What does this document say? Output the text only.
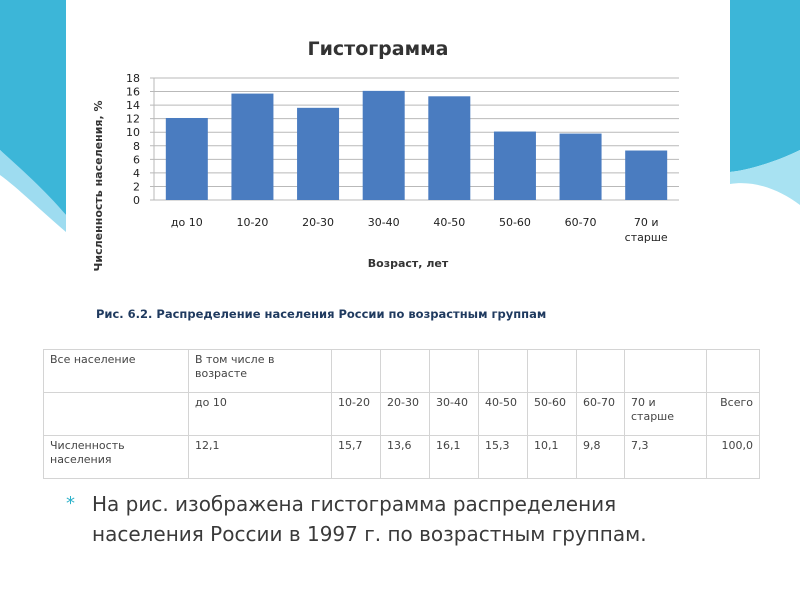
Гистограмма
0
2
4
6
8
10
12
14
16
18
до 10	10-20	20-30	30-40	40-50	50-60	60-70	70 и старше
Численность населения, %	Возраст, лет
Рис. 6.2. Распределение населения России по возрастным группам
Все население	В том числе в возрасте								
	до 10	10-20	20-30	30-40	40-50	50-60	60-70	70 и старше	Всего
Численность населения	12,1	15,7	13,6	16,1	15,3	10,1	9,8	7,3	100,0
* На рис. изображена гистограмма распределения населения России в 1997 г. по возрастным группам.
